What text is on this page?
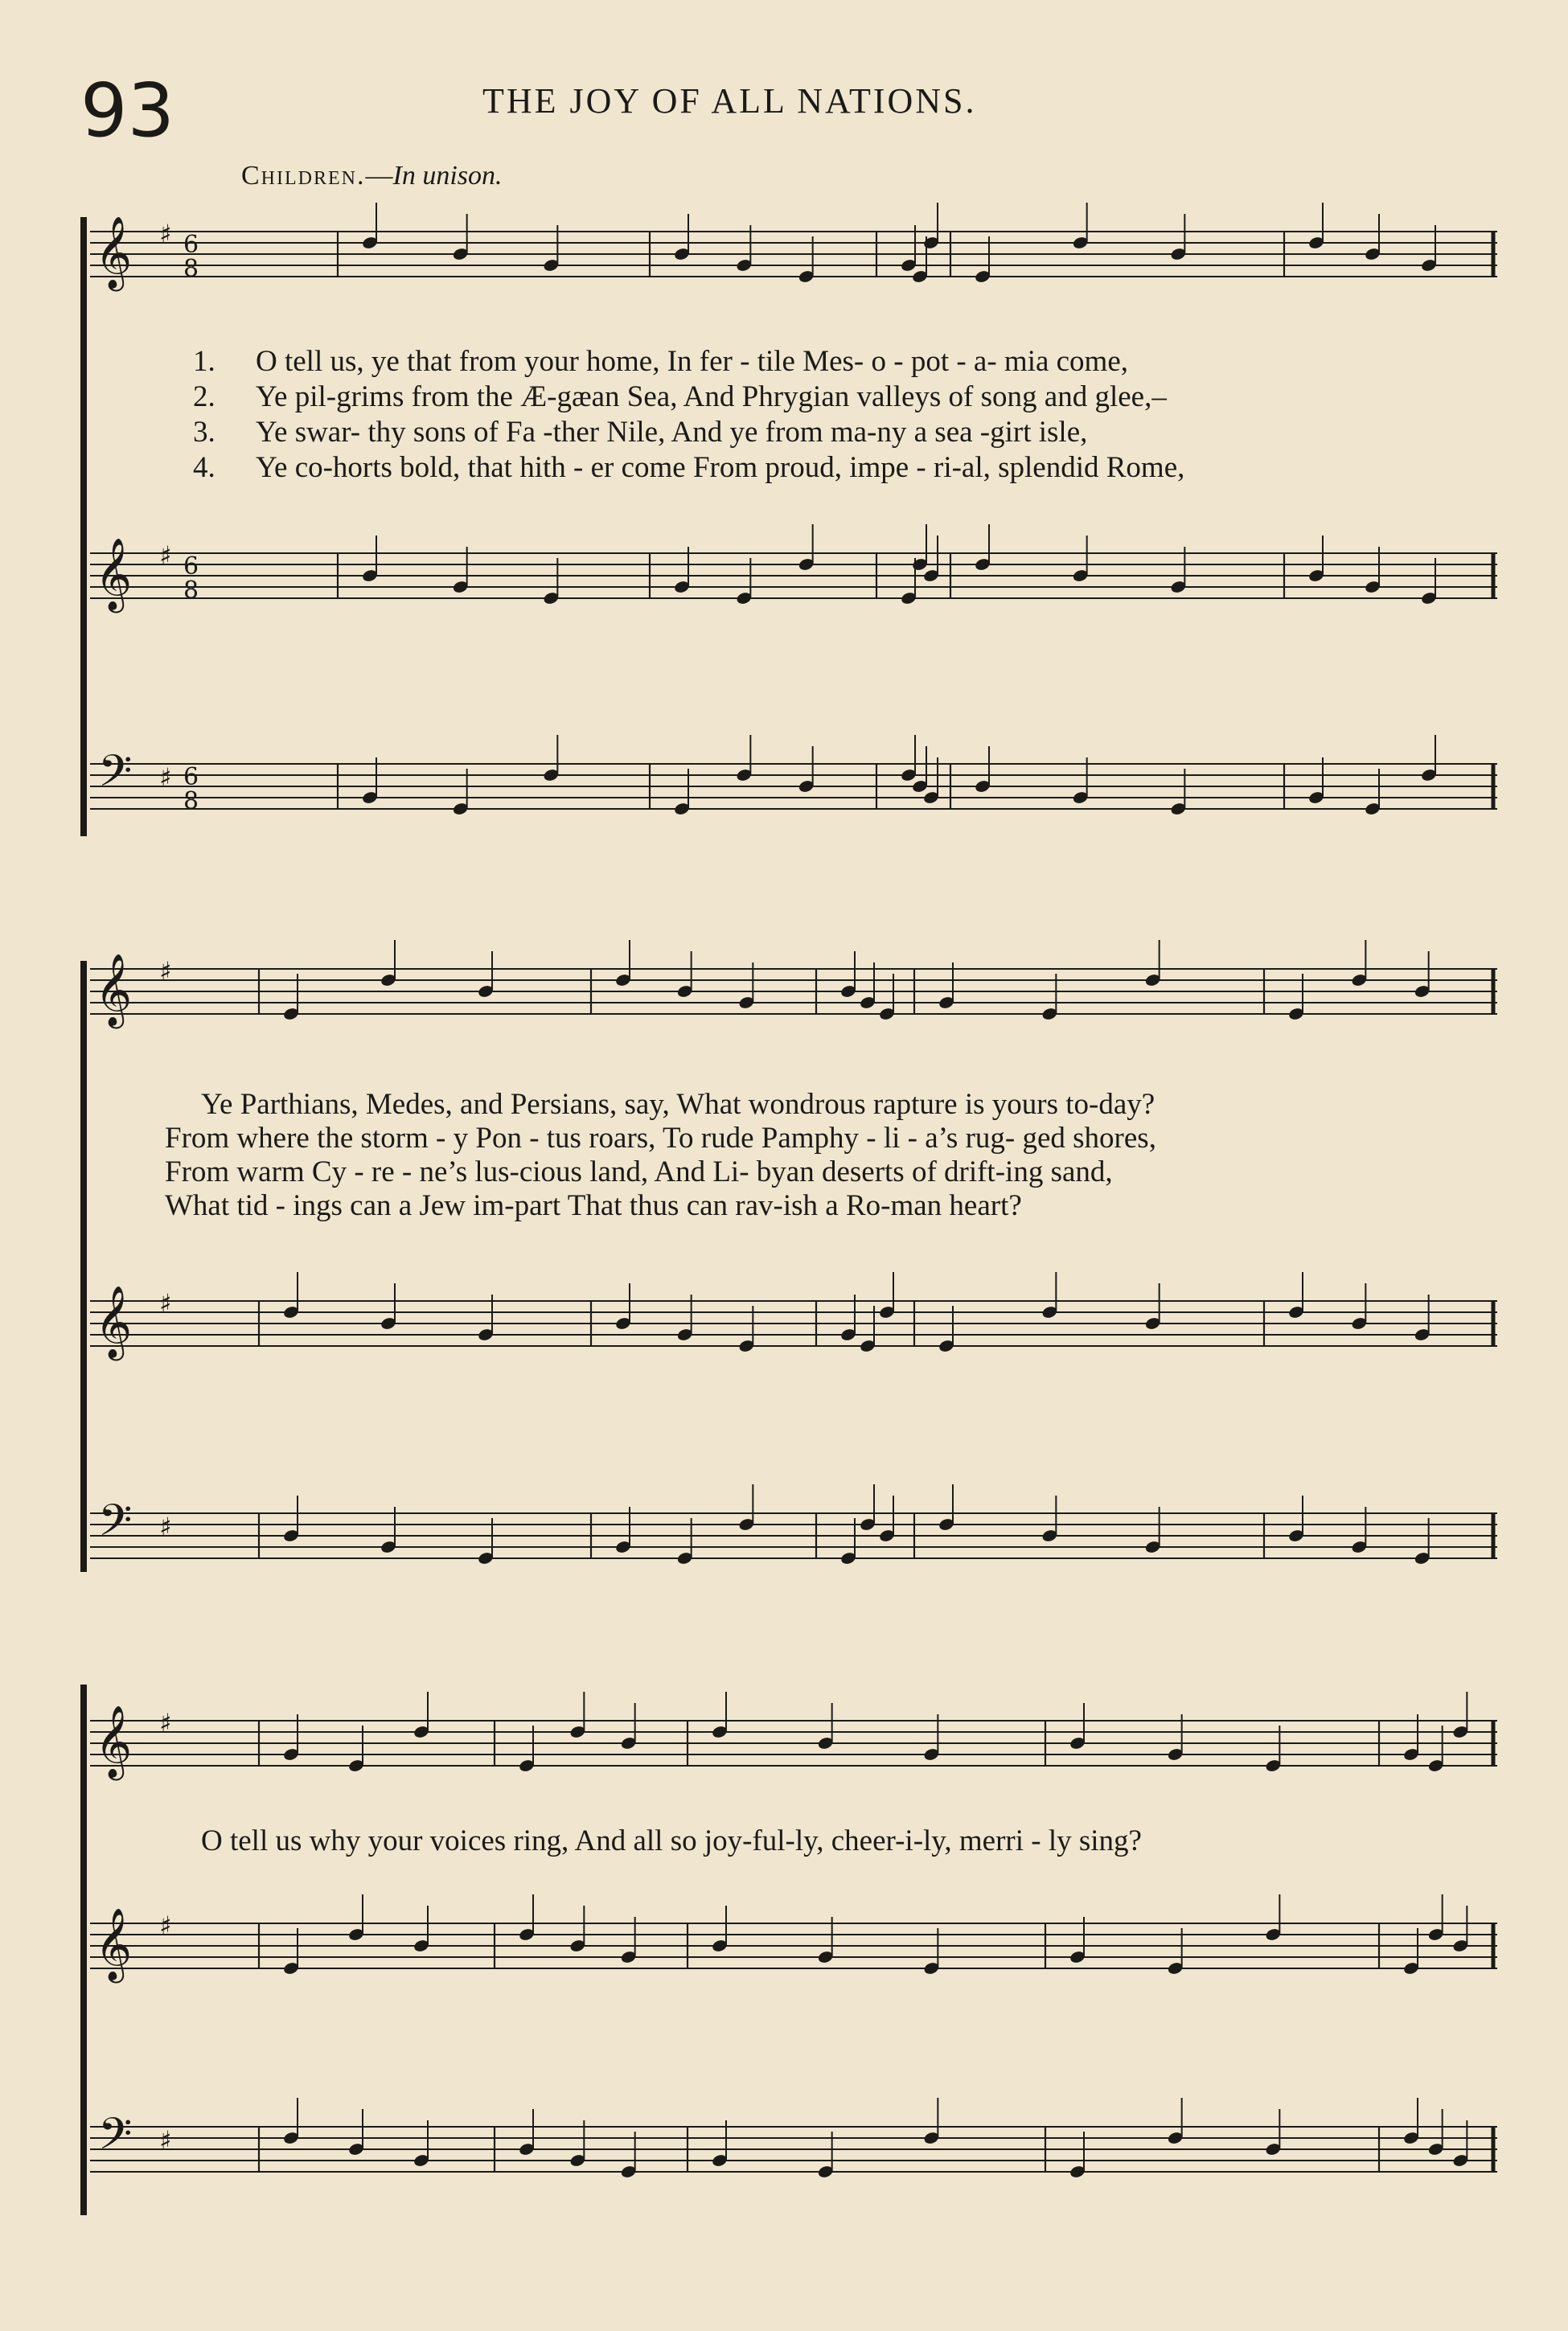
93	THE JOY OF ALL NATIONS.
Children.—In unison.
𝄞 ♯ 6
8
𝄞 ♯ 6
8
𝄢 ♯ 6
8
𝄞 ♯
𝄞 ♯
𝄢 ♯
𝄞 ♯
𝄞 ♯
𝄢 ♯
1. O tell us, ye that from your home, In fer - tile Mes- o - pot - a- mia come,
2. Ye pil-grims from the Æ-gæan Sea, And Phrygian valleys of song and glee,–
3. Ye swar- thy sons of Fa -ther Nile, And ye from ma-ny a sea -girt isle,
4. Ye co-horts bold, that hith - er come From proud, impe - ri-al, splendid Rome,
Ye Parthians, Medes, and Persians, say, What wondrous rapture is yours to-day?
From where the storm - y Pon - tus roars, To rude Pamphy - li - a’s rug- ged shores,
From warm Cy - re - ne’s lus-cious land, And Li- byan deserts of drift-ing sand,
What tid - ings can a Jew im-part That thus can rav-ish a Ro-man heart?
O tell us why your voices ring, And all so joy-ful-ly, cheer-i-ly, merri - ly sing?
